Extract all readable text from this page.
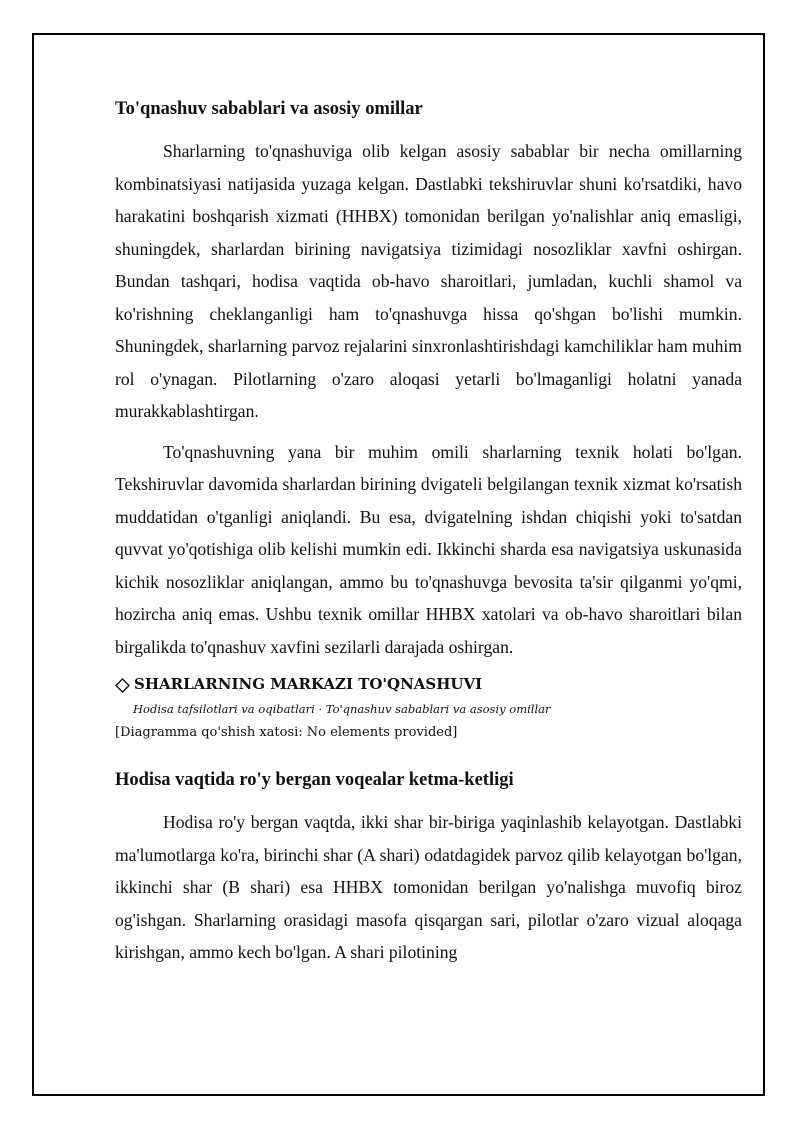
To'qnashuv sabablari va asosiy omillar

Sharlarning to'qnashuviga olib kelgan asosiy sabablar bir necha omillarning kombinatsiyasi natijasida yuzaga kelgan. Dastlabki tekshiruvlar shuni ko'rsatdiki, havo harakatini boshqarish xizmati (HHBX) tomonidan berilgan yo'nalishlar aniq emasligi, shuningdek, sharlardan birining navigatsiya tizimidagi nosozliklar xavfni oshirgan. Bundan tashqari, hodisa vaqtida ob-havo sharoitlari, jumladan, kuchli shamol va ko'rishning cheklanganligi ham to'qnashuvga hissa qo'shgan bo'lishi mumkin. Shuningdek, sharlarning parvoz rejalarini sinxronlashtirishdagi kamchiliklar ham muhim rol o'ynagan. Pilotlarning o'zaro aloqasi yetarli bo'lmaganligi holatni yanada murakkablashtirgan.

To'qnashuvning yana bir muhim omili sharlarning texnik holati bo'lgan. Tekshiruvlar davomida sharlardan birining dvigateli belgilangan texnik xizmat ko'rsatish muddatidan o'tganligi aniqlandi. Bu esa, dvigatelning ishdan chiqishi yoki to'satdan quvvat yo'qotishiga olib kelishi mumkin edi. Ikkinchi sharda esa navigatsiya uskunasida kichik nosozliklar aniqlangan, ammo bu to'qnashuvga bevosita ta'sir qilganmi yo'qmi, hozircha aniq emas. Ushbu texnik omillar HHBX xatolari va ob-havo sharoitlari bilan birgalikda to'qnashuv xavfini sezilarli darajada oshirgan.

SHARLARNING MARKAZI TO'QNASHUVI
Hodisa tafsilotlari va oqibatlari · To'qnashuv sabablari va asosiy omillar
[Diagramma qo'shish xatosi: No elements provided]
Hodisa vaqtida ro'y bergan voqealar ketma-ketligi

Hodisa ro'y bergan vaqtda, ikki shar bir-biriga yaqinlashib kelayotgan. Dastlabki ma'lumotlarga ko'ra, birinchi shar (A shari) odatdagidek parvoz qilib kelayotgan bo'lgan, ikkinchi shar (B shari) esa HHBX tomonidan berilgan yo'nalishga muvofiq biroz og'ishgan. Sharlarning orasidagi masofa qisqargan sari, pilotlar o'zaro vizual aloqaga kirishgan, ammo kech bo'lgan. A shari pilotining
